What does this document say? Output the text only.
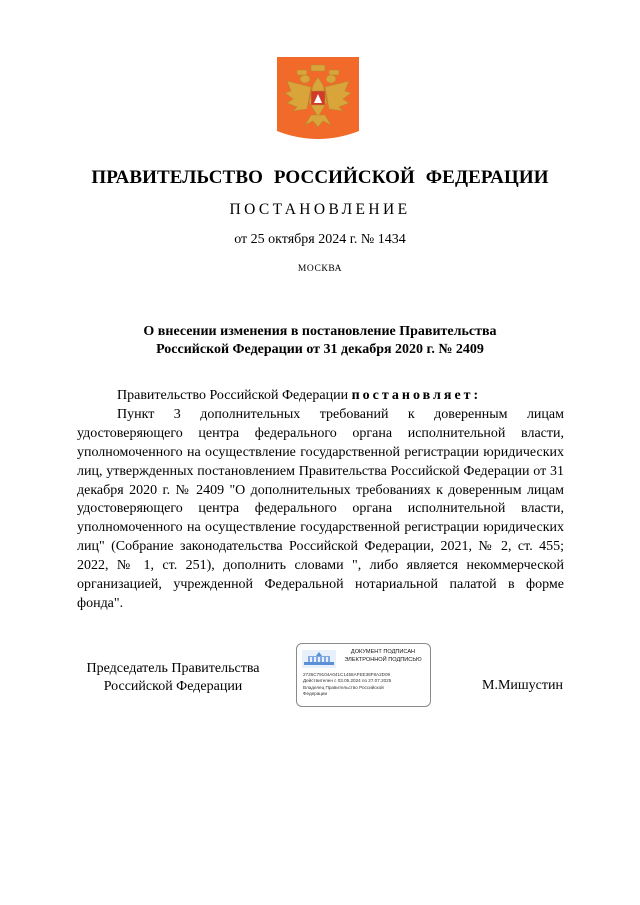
ПРАВИТЕЛЬСТВО РОССИЙСКОЙ ФЕДЕРАЦИИ
ПОСТАНОВЛЕНИЕ
от 25 октября 2024 г. № 1434
МОСКВА
О внесении изменения в постановление Правительства
Российской Федерации от 31 декабря 2020 г. № 2409

Правительство Российской Федерации постановляет:

Пункт 3 дополнительных требований к доверенным лицам удостоверяющего центра федерального органа исполнительной власти, уполномоченного на осуществление государственной регистрации юридических лиц, утвержденных постановлением Правительства Российской Федерации от 31 декабря 2020 г. № 2409 "О дополнительных требованиях к доверенным лицам удостоверяющего центра федерального органа исполнительной власти, уполномоченного на осуществление государственной регистрации юридических лиц" (Собрание законодательства Российской Федерации, 2021, № 2, ст. 455; 2022, № 1, ст. 251), дополнить словами ", либо является некоммерческой организацией, учрежденной Федеральной нотариальной палатой в форме фонда".

Председатель Правительства
Российской Федерации
ДОКУМЕНТ ПОДПИСАН
ЭЛЕКТРОННОЙ ПОДПИСЬЮ
2726C79104A041C1458AFEE38F8A2D09
Действителен с 03.05.2024 по 27.07.2025
Владелец Правительство Российской
Федерации
М.Мишустин
